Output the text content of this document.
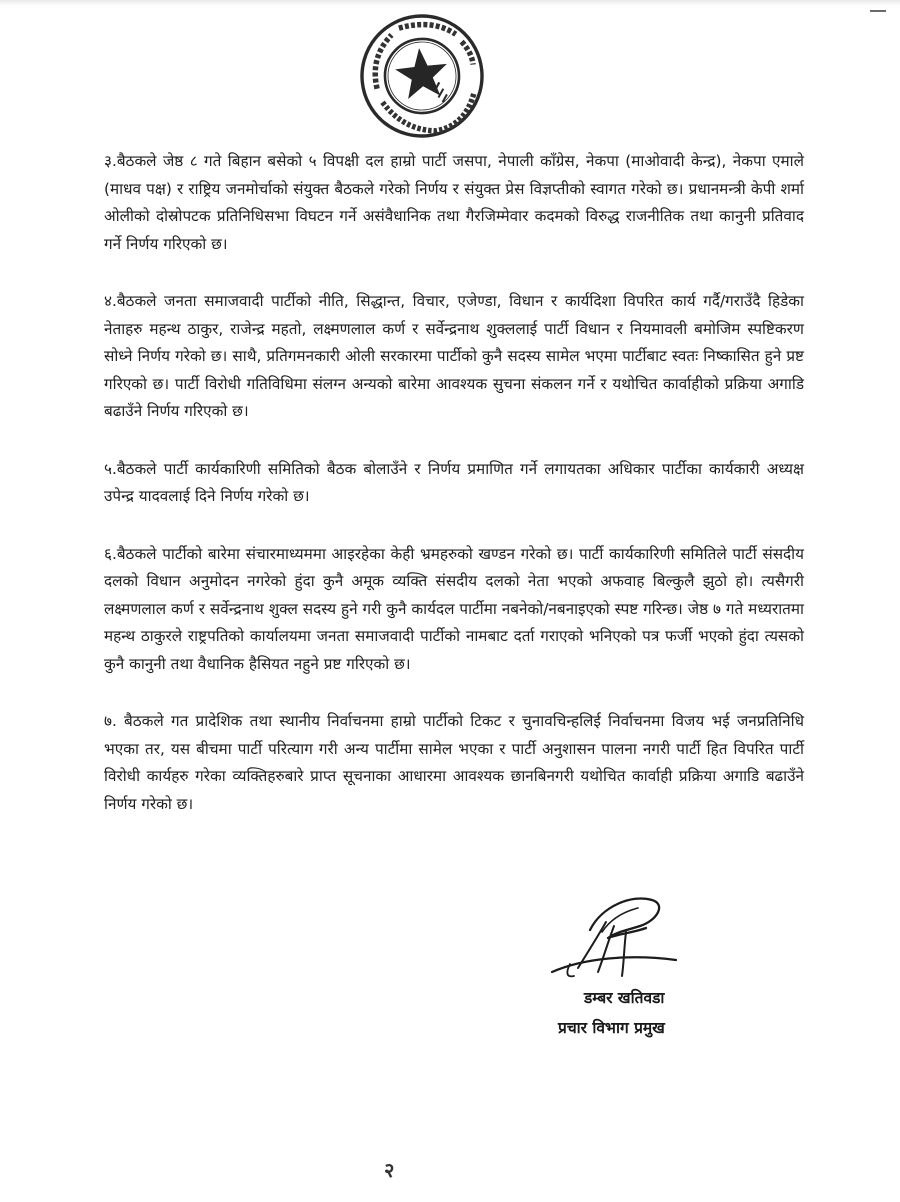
३.बैठकले जेष्ठ ८ गते बिहान बसेको ५ विपक्षी दल हाम्रो पार्टी जसपा, नेपाली काँग्रेस, नेकपा (माओवादी केन्द्र), नेकपा एमाले (माधव पक्ष) र राष्ट्रिय जनमोर्चाको संयुक्त बैठकले गरेको निर्णय र संयुक्त प्रेस विज्ञप्तीको स्वागत गरेको छ। प्रधानमन्त्री केपी शर्मा ओलीको दोस्रोपटक प्रतिनिधिसभा विघटन गर्ने असंवैधानिक तथा गैरजिम्मेवार कदमको विरुद्ध राजनीतिक तथा कानुनी प्रतिवाद गर्ने निर्णय गरिएको छ।

४.बैठकले जनता समाजवादी पार्टीको नीति, सिद्धान्त, विचार, एजेण्डा, विधान र कार्यदिशा विपरित कार्य गर्दै/गराउँदै हिडेका नेताहरु महन्थ ठाकुर, राजेन्द्र महतो, लक्ष्मणलाल कर्ण र सर्वेन्द्रनाथ शुक्ललाई पार्टी विधान र नियमावली बमोजिम स्पष्टिकरण सोध्ने निर्णय गरेको छ। साथै, प्रतिगमनकारी ओली सरकारमा पार्टीको कुनै सदस्य सामेल भएमा पार्टीबाट स्वतः निष्कासित हुने प्रष्ट गरिएको छ। पार्टी विरोधी गतिविधिमा संलग्न अन्यको बारेमा आवश्यक सुचना संकलन गर्ने र यथोचित कार्वाहीको प्रक्रिया अगाडि बढाउँने निर्णय गरिएको छ।

५.बैठकले पार्टी कार्यकारिणी समितिको बैठक बोलाउँने र निर्णय प्रमाणित गर्ने लगायतका अधिकार पार्टीका कार्यकारी अध्यक्ष उपेन्द्र यादवलाई दिने निर्णय गरेको छ।

६.बैठकले पार्टीको बारेमा संचारमाध्यममा आइरहेका केही भ्रमहरुको खण्डन गरेको छ। पार्टी कार्यकारिणी समितिले पार्टी संसदीय दलको विधान अनुमोदन नगरेको हुंदा कुनै अमूक व्यक्ति संसदीय दलको नेता भएको अफवाह बिल्कुलै झुठो हो। त्यसैगरी लक्ष्मणलाल कर्ण र सर्वेन्द्रनाथ शुक्ल सदस्य हुने गरी कुनै कार्यदल पार्टीमा नबनेको/नबनाइएको स्पष्ट गरिन्छ। जेष्ठ ७ गते मध्यरातमा महन्थ ठाकुरले राष्ट्रपतिको कार्यालयमा जनता समाजवादी पार्टीको नामबाट दर्ता गराएको भनिएको पत्र फर्जी भएको हुंदा त्यसको कुनै कानुनी तथा वैधानिक हैसियत नहुने प्रष्ट गरिएको छ।

७. बैठकले गत प्रादेशिक तथा स्थानीय निर्वाचनमा हाम्रो पार्टीको टिकट र चुनावचिन्हलिई निर्वाचनमा विजय भई जनप्रतिनिधि भएका तर, यस बीचमा पार्टी परित्याग गरी अन्य पार्टीमा सामेल भएका र पार्टी अनुशासन पालना नगरी पार्टी हित विपरित पार्टी विरोधी कार्यहरु गरेका व्यक्तिहरुबारे प्राप्त सूचनाका आधारमा आवश्यक छानबिनगरी यथोचित कार्वाही प्रक्रिया अगाडि बढाउँने निर्णय गरेको छ।

डम्बर खतिवडा
प्रचार विभाग प्रमुख
२
